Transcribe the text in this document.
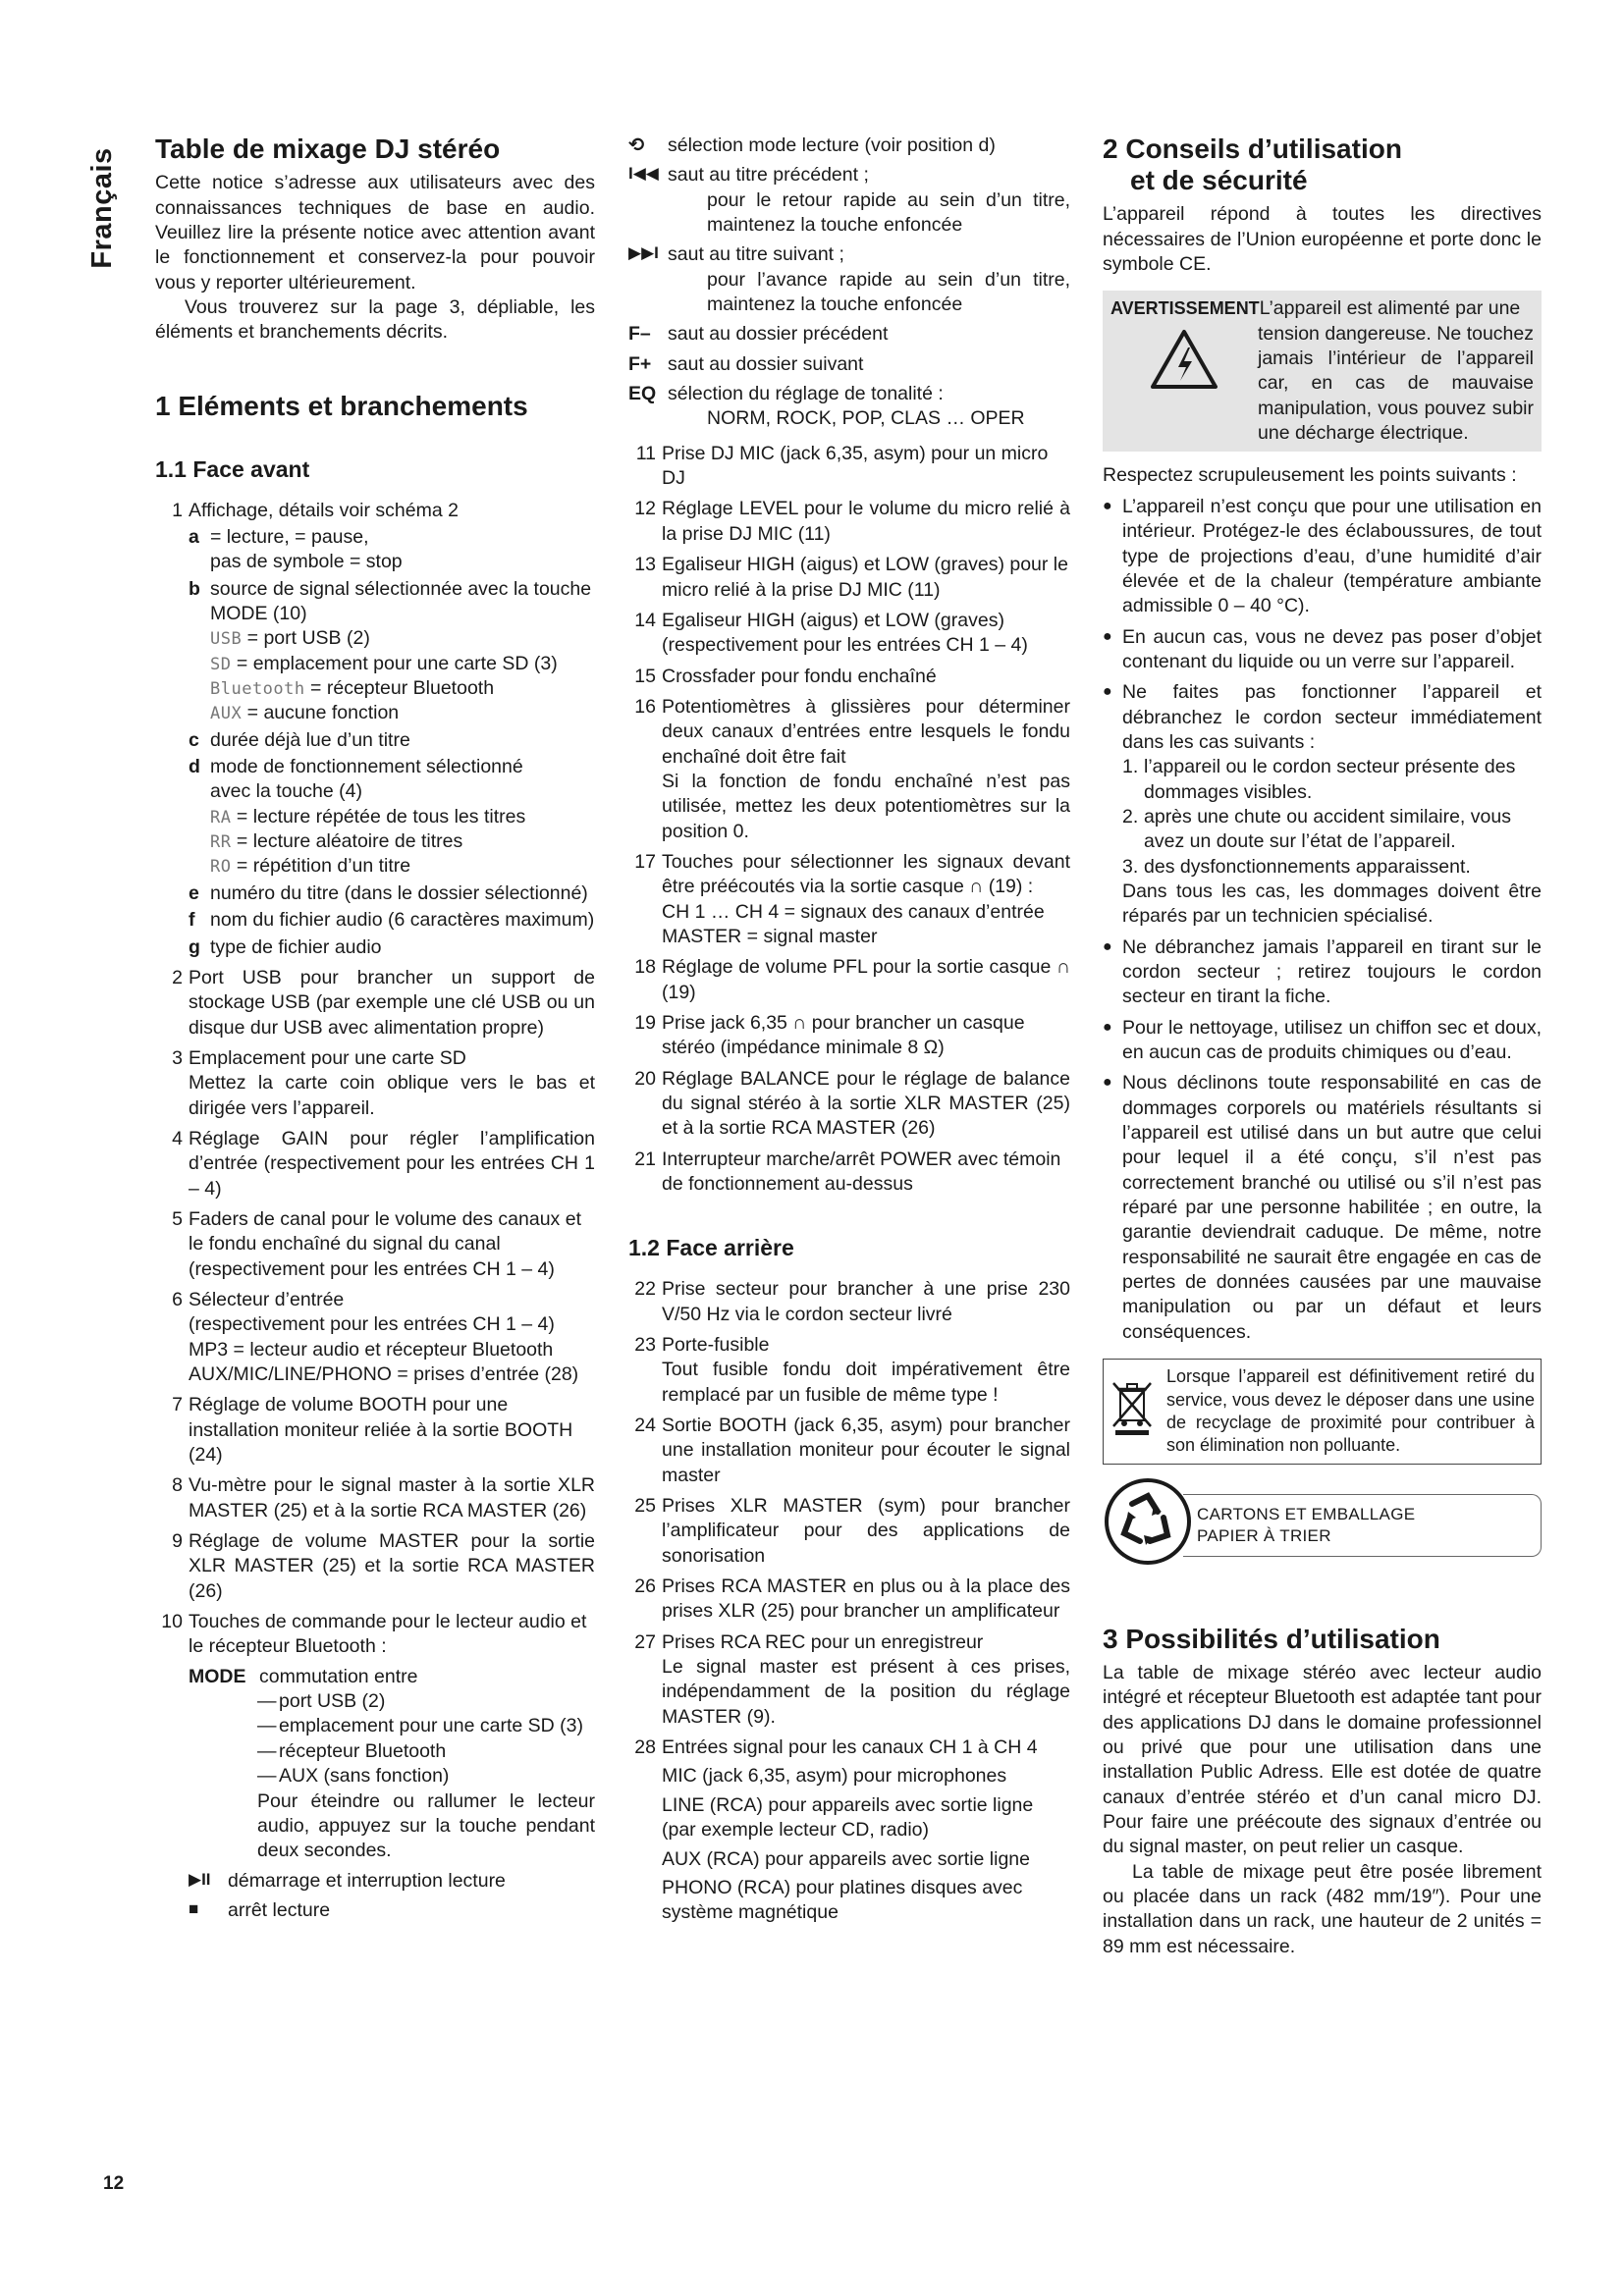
Français Table de mixage DJ stéréo

Cette notice s’adresse aux utilisateurs avec des connaissances techniques de base en audio. Veuillez lire la présente notice avec attention avant le fonctionnement et conservez-la pour pouvoir vous y reporter ultérieurement.

Vous trouverez sur la page 3, dépliable, les éléments et branchements décrits.

1 Eléments et branchements
1.1 Face avant
1 Affichage, détails voir schéma 2
a = lecture, = pause,
pas de symbole = stop
b source de signal sélectionnée avec la touche MODE (10)
USB = port USB (2)
SD = emplacement pour une carte SD (3)
Bluetooth = récepteur Bluetooth
AUX = aucune fonction
c durée déjà lue d’un titre
d mode de fonctionnement sélectionné
avec la touche (4)
RA = lecture répétée de tous les titres
RR = lecture aléatoire de titres
RO = répétition d’un titre
e numéro du titre (dans le dossier sélectionné)
f nom du fichier audio (6 caractères maximum)
g type de fichier audio
2 Port USB pour brancher un support de stockage USB (par exemple une clé USB ou un disque dur USB avec alimentation propre)
3 Emplacement pour une carte SD
Mettez la carte coin oblique vers le bas et dirigée vers l’appareil.
4 Réglage GAIN pour régler l’amplification d’entrée (respectivement pour les entrées CH 1 – 4)
5 Faders de canal pour le volume des canaux et le fondu enchaîné du signal du canal (respectivement pour les entrées CH 1 – 4)
6 Sélecteur d’entrée
(respectivement pour les entrées CH 1 – 4)
MP3 = lecteur audio et récepteur Bluetooth
AUX/MIC/LINE/PHONO = prises d’entrée (28)
7 Réglage de volume BOOTH pour une installation moniteur reliée à la sortie BOOTH (24)
8 Vu-mètre pour le signal master à la sortie XLR MASTER (25) et à la sortie RCA MASTER (26)
9 Réglage de volume MASTER pour la sortie XLR MASTER (25) et la sortie RCA MASTER (26)
10 Touches de commande pour le lecteur audio et le récepteur Bluetooth :
MODE commutation entre
— port USB (2)
— emplacement pour une carte SD (3)
— récepteur Bluetooth
— AUX (sans fonction)
Pour éteindre ou rallumer le lecteur audio, appuyez sur la touche pendant deux secondes.
▶II démarrage et interruption lecture
■	arrêt lecture
⟲	sélection mode lecture (voir position d)
I◀◀ saut au titre précédent ;
pour le retour rapide au sein d’un titre, maintenez la touche enfoncée
▶▶I saut au titre suivant ;
pour l’avance rapide au sein d’un titre, maintenez la touche enfoncée
F– saut au dossier précédent
F+ saut au dossier suivant
EQ sélection du réglage de tonalité :
NORM, ROCK, POP, CLAS … OPER
11 Prise DJ MIC (jack 6,35, asym) pour un micro DJ
12 Réglage LEVEL pour le volume du micro relié à la prise DJ MIC (11)
13 Egaliseur HIGH (aigus) et LOW (graves) pour le micro relié à la prise DJ MIC (11)
14 Egaliseur HIGH (aigus) et LOW (graves) (respectivement pour les entrées CH 1 – 4)
15 Crossfader pour fondu enchaîné
16 Potentiomètres à glissières pour déterminer deux canaux d’entrées entre lesquels le fondu enchaîné doit être fait
Si la fonction de fondu enchaîné n’est pas utilisée, mettez les deux potentiomètres sur la position 0.
17 Touches pour sélectionner les signaux devant être préécoutés via la sortie casque ∩ (19) :
CH 1 … CH 4 = signaux des canaux d’entrée
MASTER = signal master
18 Réglage de volume PFL pour la sortie casque ∩ (19)
19 Prise jack 6,35 ∩ pour brancher un casque stéréo (impédance minimale 8 Ω)
20 Réglage BALANCE pour le réglage de balance du signal stéréo à la sortie XLR MASTER (25) et à la sortie RCA MASTER (26)
21 Interrupteur marche/arrêt POWER avec témoin de fonctionnement au-dessus
1.2 Face arrière
22 Prise secteur pour brancher à une prise 230 V/50 Hz via le cordon secteur livré
23 Porte-fusible
Tout fusible fondu doit impérativement être remplacé par un fusible de même type !
24 Sortie BOOTH (jack 6,35, asym) pour brancher une installation moniteur pour écouter le signal master
25 Prises XLR MASTER (sym) pour brancher l’amplificateur pour des applications de sonorisation
26 Prises RCA MASTER en plus ou à la place des prises XLR (25) pour brancher un amplificateur
27 Prises RCA REC pour un enregistreur
Le signal master est présent à ces prises, indépendamment de la position du réglage MASTER (9).
28 Entrées signal pour les canaux CH 1 à CH 4
MIC (jack 6,35, asym) pour microphones
LINE (RCA) pour appareils avec sortie ligne (par exemple lecteur CD, radio)
AUX (RCA) pour appareils avec sortie ligne
PHONO (RCA) pour platines disques avec système magnétique
2 Conseils d’utilisation
et de sécurité

L’appareil répond à toutes les directives nécessaires de l’Union européenne et porte donc le symbole CE.

AVERTISSEMENTL’appareil est alimenté par une
tension dangereuse. Ne touchez jamais l’intérieur de l’appareil car, en cas de mauvaise manipulation, vous pouvez subir une décharge électrique.

Respectez scrupuleusement les points suivants :

● L’appareil n’est conçu que pour une utilisation en intérieur. Protégez-le des éclaboussures, de tout type de projections d’eau, d’une humidité d’air élevée et de la chaleur (température ambiante admissible 0 – 40 °C).
● En aucun cas, vous ne devez pas poser d’objet contenant du liquide ou un verre sur l’appareil.
● Ne faites pas fonctionner l’appareil et débranchez le cordon secteur immédiatement dans les cas suivants :
1. l’appareil ou le cordon secteur présente des dommages visibles.
2. après une chute ou accident similaire, vous avez un doute sur l’état de l’appareil.
3. des dysfonctionnements apparaissent.
Dans tous les cas, les dommages doivent être réparés par un technicien spécialisé.
● Ne débranchez jamais l’appareil en tirant sur le cordon secteur ; retirez toujours le cordon secteur en tirant la fiche.
● Pour le nettoyage, utilisez un chiffon sec et doux, en aucun cas de produits chimiques ou d’eau.
● Nous déclinons toute responsabilité en cas de dommages corporels ou matériels résultants si l’appareil est utilisé dans un but autre que celui pour lequel il a été conçu, s’il n’est pas correctement branché ou utilisé ou s’il n’est pas réparé par une personne habilitée ; en outre, la garantie deviendrait caduque. De même, notre responsabilité ne saurait être engagée en cas de pertes de données causées par une mauvaise manipulation ou par un défaut et leurs conséquences.
Lorsque l’appareil est définitivement retiré du service, vous devez le déposer dans une usine de recyclage de proximité pour contribuer à son élimination non polluante.
CARTONS ET EMBALLAGE
PAPIER À TRIER
3 Possibilités d’utilisation

La table de mixage stéréo avec lecteur audio intégré et récepteur Bluetooth est adaptée tant pour des applications DJ dans le domaine professionnel ou privé que pour une utilisation dans une installation Public Adress. Elle est dotée de quatre canaux d’entrée stéréo et d’un canal micro DJ. Pour faire une préécoute des signaux d’entrée ou du signal master, on peut relier un casque.

La table de mixage peut être posée librement ou placée dans un rack (482 mm/19″). Pour une installation dans un rack, une hauteur de 2 unités = 89 mm est nécessaire.

12
